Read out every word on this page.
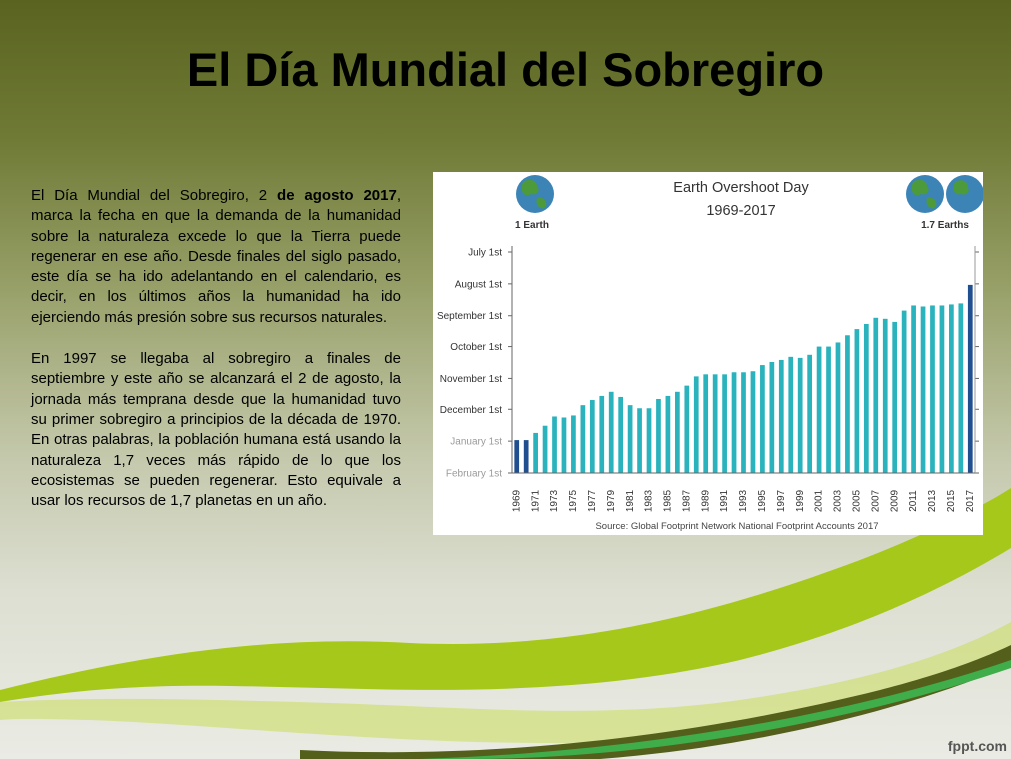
El Día Mundial del Sobregiro

El Día Mundial del Sobregiro, 2 de agosto 2017, marca la fecha en que la demanda de la humanidad sobre la naturaleza excede lo que la Tierra puede regenerar en ese año. Desde finales del siglo pasado, este día se ha ido adelantando en el calendario, es decir, en los últimos años la humanidad ha ido ejerciendo más presión sobre sus recursos naturales.

En 1997 se llegaba al sobregiro a finales de septiembre y este año se alcanzará el 2 de agosto, la jornada más temprana desde que la humanidad tuvo su primer sobregiro a principios de la década de 1970. En otras palabras, la población humana está usando la naturaleza 1,7 veces más rápido de lo que los ecosistemas se pueden regenerar. Esto equivale a usar los recursos de 1,7 planetas en un año.

1 Earth	1.7 Earths
Earth Overshoot Day
1969-2017
July 1st
August 1st
September 1st
October 1st
November 1st
December 1st
January 1st
February 1st
1969 1971 1973 1975 1977 1979 1981 1983 1985 1987 1989 1991 1993 1995 1997 1999 2001 2003 2005 2007 2009 2011 2013 2015 2017
Source: Global Footprint Network National Footprint Accounts 2017
fppt.com
